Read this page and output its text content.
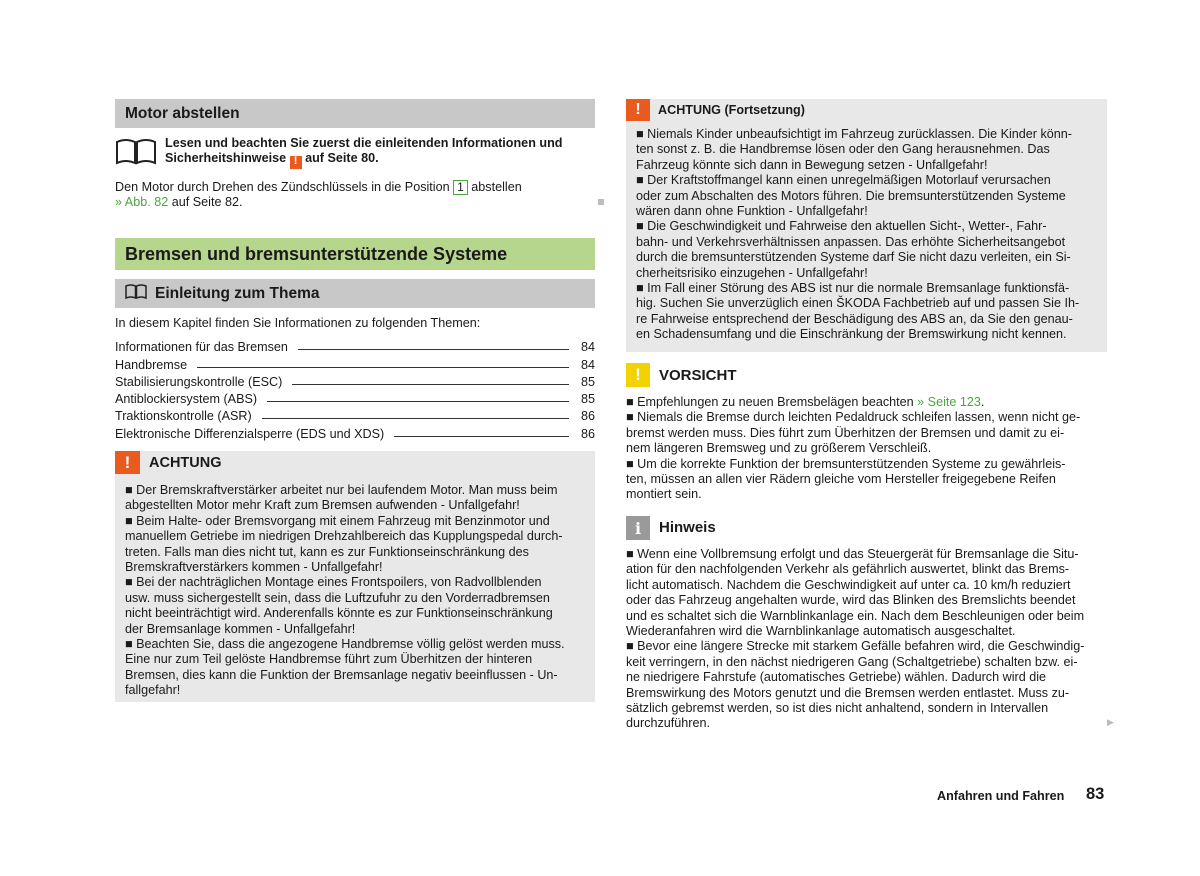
Motor abstellen
Lesen und beachten Sie zuerst die einleitenden Informationen und
Sicherheitshinweise ! auf Seite 80.
Den Motor durch Drehen des Zündschlüssels in die Position 1 abstellen
» Abb. 82 auf Seite 82.
Bremsen und bremsunterstützende Systeme
Einleitung zum Thema
In diesem Kapitel finden Sie Informationen zu folgenden Themen:
Informationen für das Bremsen	84
Handbremse	84
Stabilisierungskontrolle (ESC)	85
Antiblockiersystem (ABS)	85
Traktionskontrolle (ASR)	86
Elektronische Differenzialsperre (EDS und XDS)	86
! ACHTUNG
■ Der Bremskraftverstärker arbeitet nur bei laufendem Motor. Man muss beim
abgestellten Motor mehr Kraft zum Bremsen aufwenden - Unfallgefahr!
■ Beim Halte- oder Bremsvorgang mit einem Fahrzeug mit Benzinmotor und
manuellem Getriebe im niedrigen Drehzahlbereich das Kupplungspedal durch-
treten. Falls man dies nicht tut, kann es zur Funktionseinschränkung des
Bremskraftverstärkers kommen - Unfallgefahr!
■ Bei der nachträglichen Montage eines Frontspoilers, von Radvollblenden
usw. muss sichergestellt sein, dass die Luftzufuhr zu den Vorderradbremsen
nicht beeinträchtigt wird. Anderenfalls könnte es zur Funktionseinschränkung
der Bremsanlage kommen - Unfallgefahr!
■ Beachten Sie, dass die angezogene Handbremse völlig gelöst werden muss.
Eine nur zum Teil gelöste Handbremse führt zum Überhitzen der hinteren
Bremsen, dies kann die Funktion der Bremsanlage negativ beeinflussen - Un-
fallgefahr!
! ACHTUNG (Fortsetzung)
■ Niemals Kinder unbeaufsichtigt im Fahrzeug zurücklassen. Die Kinder könn-
ten sonst z. B. die Handbremse lösen oder den Gang herausnehmen. Das
Fahrzeug könnte sich dann in Bewegung setzen - Unfallgefahr!
■ Der Kraftstoffmangel kann einen unregelmäßigen Motorlauf verursachen
oder zum Abschalten des Motors führen. Die bremsunterstützenden Systeme
wären dann ohne Funktion - Unfallgefahr!
■ Die Geschwindigkeit und Fahrweise den aktuellen Sicht-, Wetter-, Fahr-
bahn- und Verkehrsverhältnissen anpassen. Das erhöhte Sicherheitsangebot
durch die bremsunterstützenden Systeme darf Sie nicht dazu verleiten, ein Si-
cherheitsrisiko einzugehen - Unfallgefahr!
■ Im Fall einer Störung des ABS ist nur die normale Bremsanlage funktionsfä-
hig. Suchen Sie unverzüglich einen ŠKODA Fachbetrieb auf und passen Sie Ih-
re Fahrweise entsprechend der Beschädigung des ABS an, da Sie den genau-
en Schadensumfang und die Einschränkung der Bremswirkung nicht kennen.
! VORSICHT
■ Empfehlungen zu neuen Bremsbelägen beachten » Seite 123.
■ Niemals die Bremse durch leichten Pedaldruck schleifen lassen, wenn nicht ge-
bremst werden muss. Dies führt zum Überhitzen der Bremsen und damit zu ei-
nem längeren Bremsweg und zu größerem Verschleiß.
■ Um die korrekte Funktion der bremsunterstützenden Systeme zu gewährleis-
ten, müssen an allen vier Rädern gleiche vom Hersteller freigegebene Reifen
montiert sein.
i Hinweis
■ Wenn eine Vollbremsung erfolgt und das Steuergerät für Bremsanlage die Situ-
ation für den nachfolgenden Verkehr als gefährlich auswertet, blinkt das Brems-
licht automatisch. Nachdem die Geschwindigkeit auf unter ca. 10 km/h reduziert
oder das Fahrzeug angehalten wurde, wird das Blinken des Bremslichts beendet
und es schaltet sich die Warnblinkanlage ein. Nach dem Beschleunigen oder beim
Wiederanfahren wird die Warnblinkanlage automatisch ausgeschaltet.
■ Bevor eine längere Strecke mit starkem Gefälle befahren wird, die Geschwindig-
keit verringern, in den nächst niedrigeren Gang (Schaltgetriebe) schalten bzw. ei-
ne niedrigere Fahrstufe (automatisches Getriebe) wählen. Dadurch wird die
Bremswirkung des Motors genutzt und die Bremsen werden entlastet. Muss zu-
sätzlich gebremst werden, so ist dies nicht anhaltend, sondern in Intervallen
durchzuführen.	▶
Anfahren und Fahren 83
